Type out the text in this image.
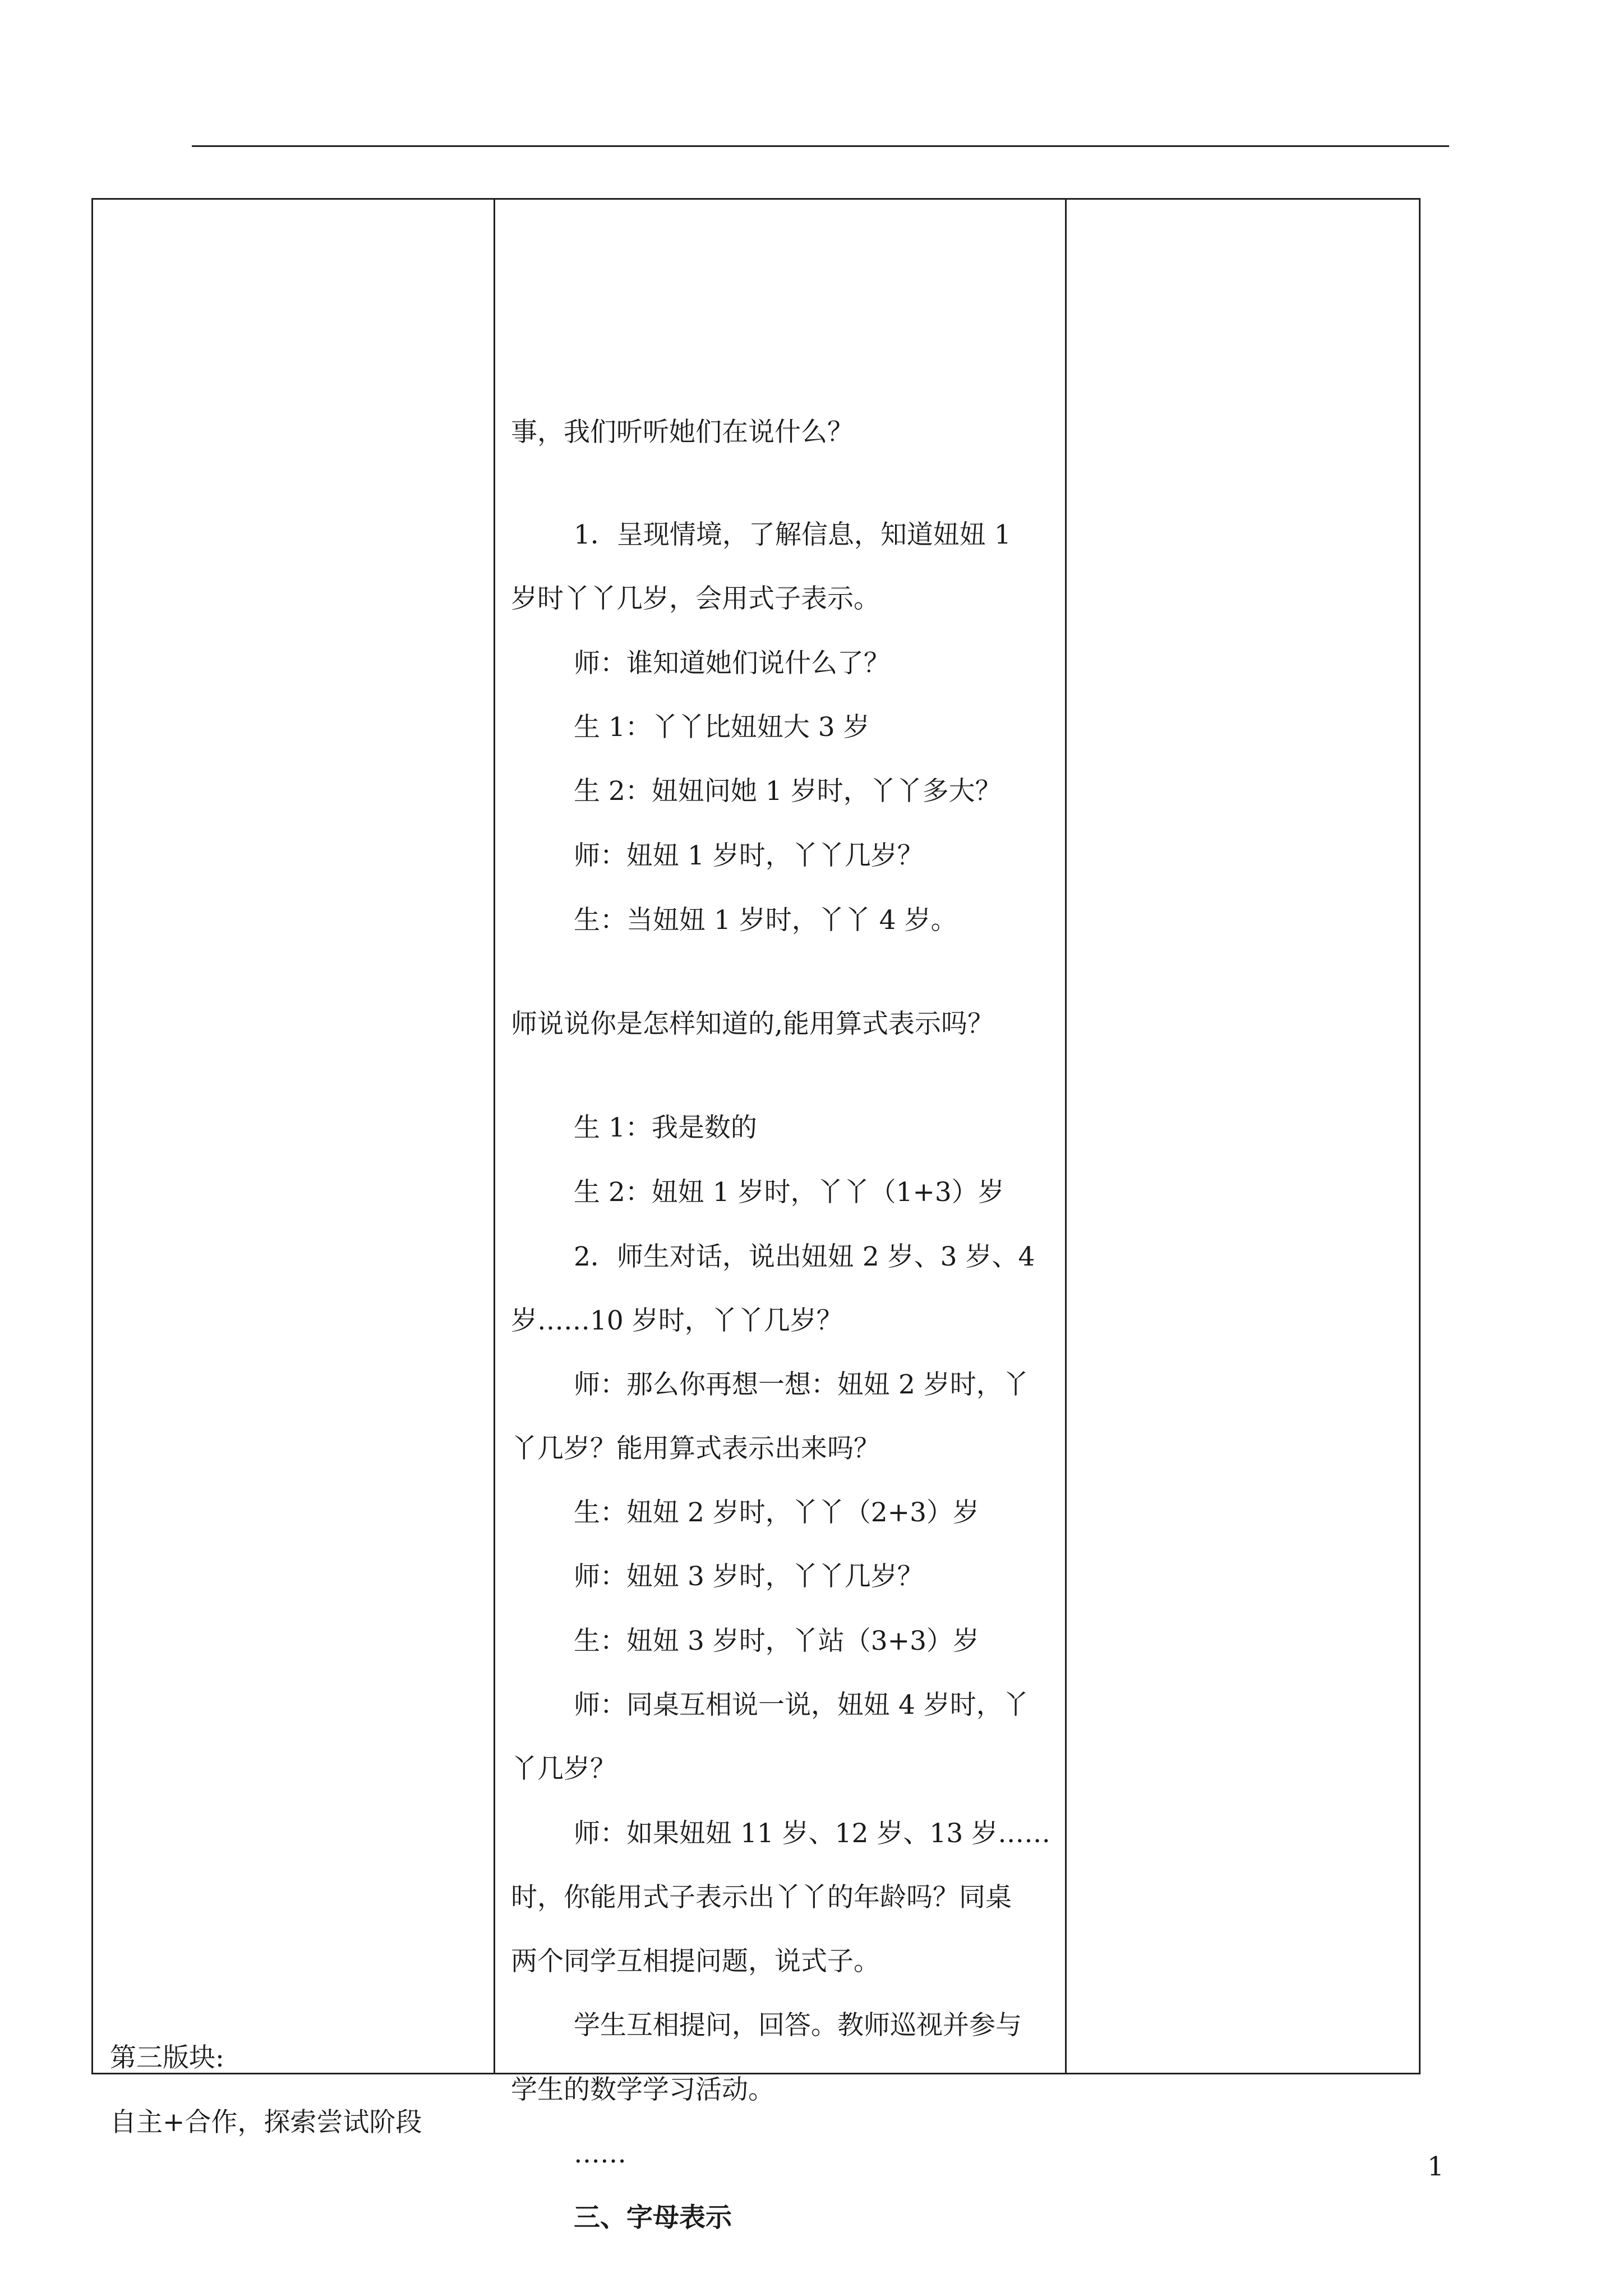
第三版块:
自主+合作，探索尝试阶段
事，我们听听她们在说什么？
1．呈现情境，了解信息，知道妞妞 1
岁时丫丫几岁，会用式子表示。
师：谁知道她们说什么了？
生 1：丫丫比妞妞大 3 岁
生 2：妞妞问她 1 岁时，丫丫多大？
师：妞妞 1 岁时，丫丫几岁？
生：当妞妞 1 岁时，丫丫 4 岁。
师说说你是怎样知道的,能用算式表示吗？
生 1：我是数的
生 2：妞妞 1 岁时，丫丫（1+3）岁
2．师生对话，说出妞妞 2 岁、3 岁、4
岁……10 岁时，丫丫几岁？
师：那么你再想一想：妞妞 2 岁时，丫
丫几岁？能用算式表示出来吗？
生：妞妞 2 岁时，丫丫（2+3）岁
师：妞妞 3 岁时，丫丫几岁？
生：妞妞 3 岁时，丫站（3+3）岁
师：同桌互相说一说，妞妞 4 岁时，丫
丫几岁？
师：如果妞妞 11 岁、12 岁、13 岁……
时，你能用式子表示出丫丫的年龄吗？同桌
两个同学互相提问题，说式子。
学生互相提问，回答。教师巡视并参与
学生的数学学习活动。
……
三、字母表示
1
